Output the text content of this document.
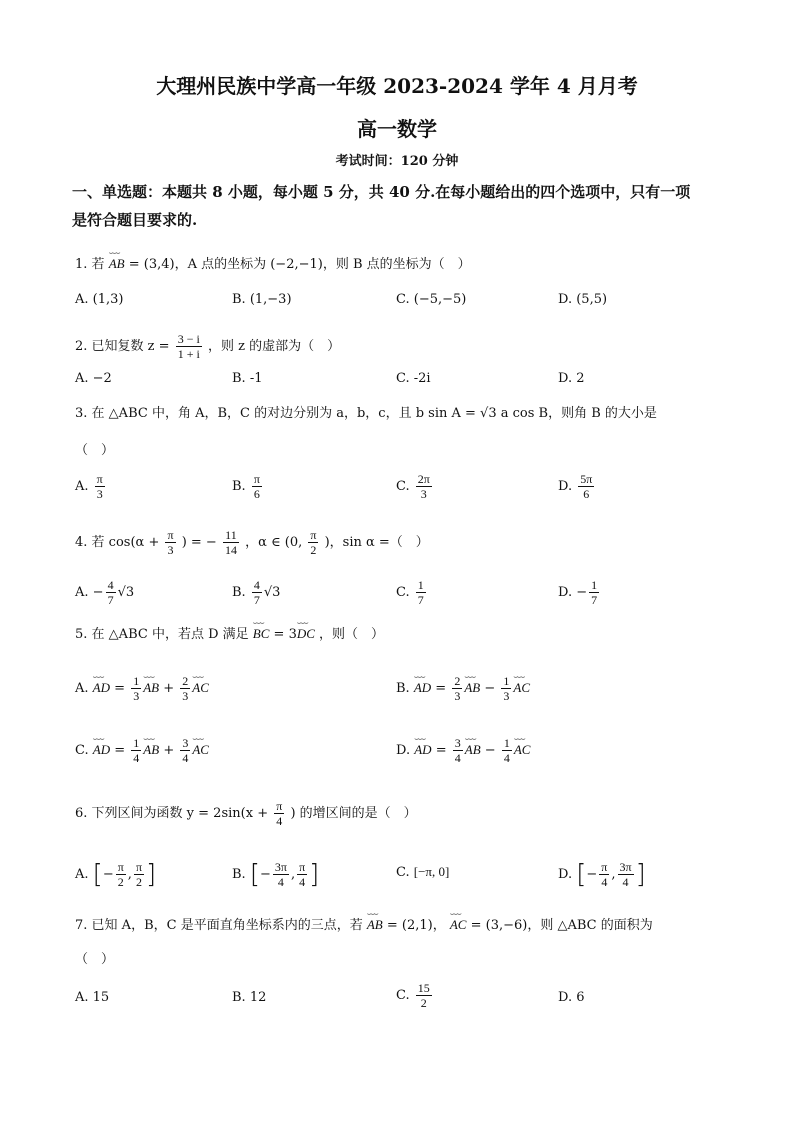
大理州民族中学高一年级 2023-2024 学年 4 月月考
高一数学
考试时间：120 分钟
一、单选题：本题共 8 小题，每小题 5 分，共 40 分.在每小题给出的四个选项中，只有一项
是符合题目要求的.
1. 若 ⌣⌣⌣ AB = (3,4)，A 点的坐标为 (−2,−1)，则 B 点的坐标为（　）
A. (1,3)	B. (1,−3)	C. (−5,−5)	D. (5,5)
2. 已知复数 $z = \frac{3 - i}{1 + i}$ ，则 z 的虚部为（　）
A. −2	B. -1	C. -2i	D. 2
3. 在 △ABC 中，角 A，B，C 的对边分别为 a，b，c，且 b sin A = √3 a cos B，则角 B 的大小是
（　）
A. $\frac{\pi}{3}$	B. $\frac{\pi}{6}$	C. $\frac{2\pi}{3}$	D. $\frac{5\pi}{6}$
4. 若 $\cos(\alpha + \frac{\pi}{3}$ ) = − $\frac{11}{14}$ ，α ∈ (0, $\frac{\pi}{2}$ )，sin α =（　）
A. − $\frac{4}{7} √3$	B. $\frac{4}{7} √3$	C. $\frac{1}{7}$	D. − $\frac{1}{7}$
5. 在 △ABC 中，若点 D 满足 ⌣⌣⌣ BC = 3⌣⌣⌣ DC ，则（　）
A. ⌣⌣⌣ AD = $\frac{1}{3}$ ⌣⌣⌣ AB + $\frac{2}{3}$ ⌣⌣⌣ AC	B. ⌣⌣⌣ AD = $\frac{2}{3}$ ⌣⌣⌣ AB − $\frac{1}{3}$ ⌣⌣⌣ AC
C. ⌣⌣⌣ AD = $\frac{1}{4}$ ⌣⌣⌣ AB + $\frac{3}{4}$ ⌣⌣⌣ AC	D. ⌣⌣⌣ AD = $\frac{3}{4}$ ⌣⌣⌣ AB − $\frac{1}{4}$ ⌣⌣⌣ AC
6. 下列区间为函数 $y = 2\sin(x + \frac{\pi}{4}$ ) 的增区间的是（　）
A. [− $\frac{\pi}{2}$ , $\frac{\pi}{2}$ ]	B. [− $\frac{3\pi}{4}$ , $\frac{\pi}{4}$ ]	C. [−π, 0]	D. [− $\frac{\pi}{4}$ , $\frac{3\pi}{4}$ ]
7. 已知 A，B，C 是平面直角坐标系内的三点，若 ⌣⌣⌣ AB = (2,1)， ⌣⌣⌣ AC = (3,−6)，则 △ABC 的面积为
（　）
A. 15	B. 12	C. $\frac{15}{2}$	D. 6
